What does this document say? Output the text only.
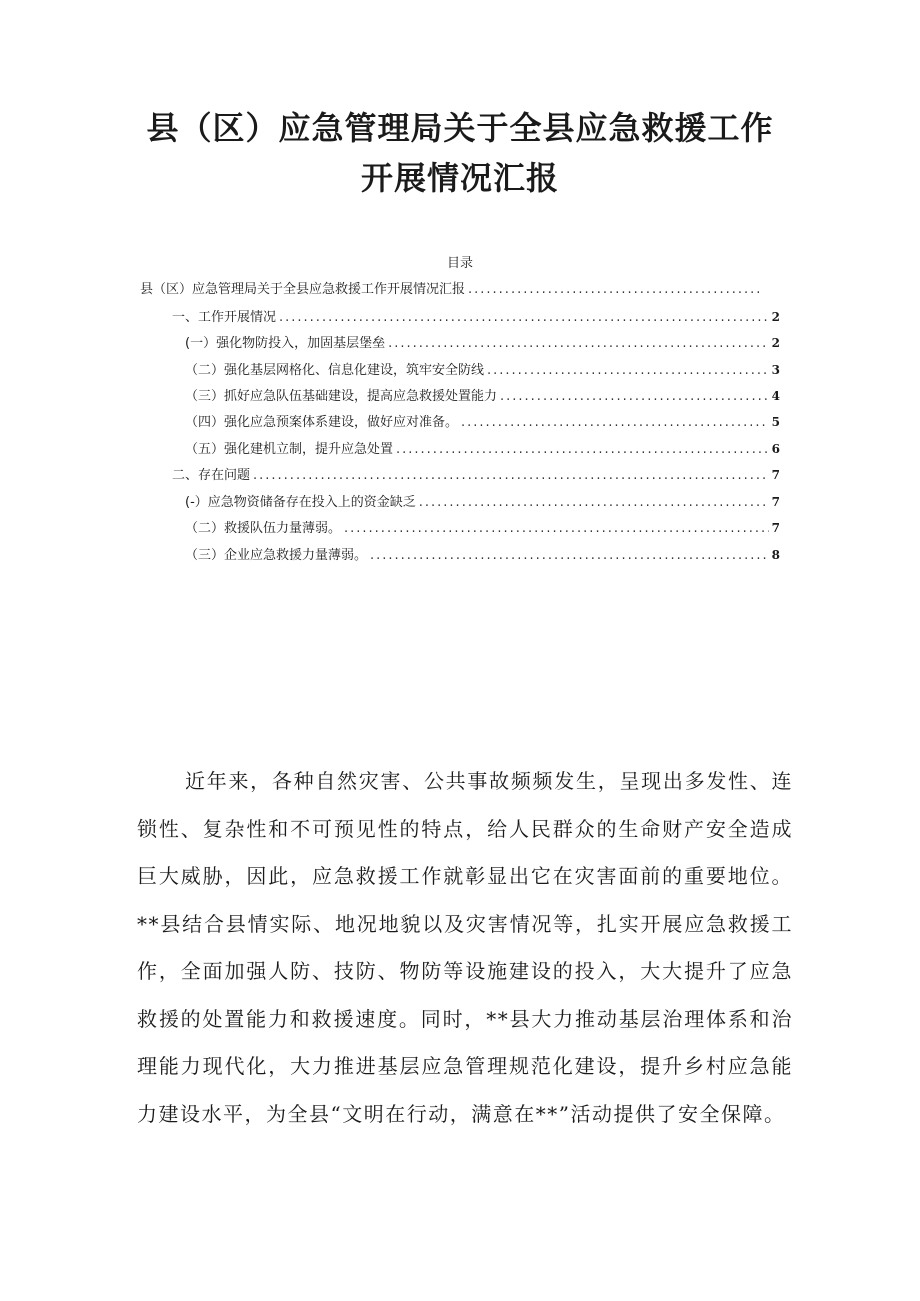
县（区）应急管理局关于全县应急救援工作
开展情况汇报
目录
县（区）应急管理局关于全县应急救援工作开展情况汇报
.....
一、工作开展情况 .....	2
(一）强化物防投入，加固基层堡垒 .....	2
（二）强化基层网格化、信息化建设，筑牢安全防线 .....	3
（三）抓好应急队伍基础建设，提高应急救援处置能力 .....	4
（四）强化应急预案体系建设，做好应对准备。 .....	5
（五）强化建机立制，提升应急处置 .....	6
二、存在问题 .....	7
(-）应急物资储备存在投入上的资金缺乏 .....	7
（二）救援队伍力量薄弱。 .....	7
（三）企业应急救援力量薄弱。 .....	8

近年来，各种自然灾害、公共事故频频发生，呈现出多发性、连锁性、复杂性和不可预见性的特点，给人民群众的生命财产安全造成巨大威胁，因此，应急救援工作就彰显出它在灾害面前的重要地位。**县结合县情实际、地况地貌以及灾害情况等，扎实开展应急救援工作，全面加强人防、技防、物防等设施建设的投入，大大提升了应急救援的处置能力和救援速度。同时，**县大力推动基层治理体系和治理能力现代化，大力推进基层应急管理规范化建设，提升乡村应急能力建设水平，为全县“文明在行动，满意在**”活动提供了安全保障。
